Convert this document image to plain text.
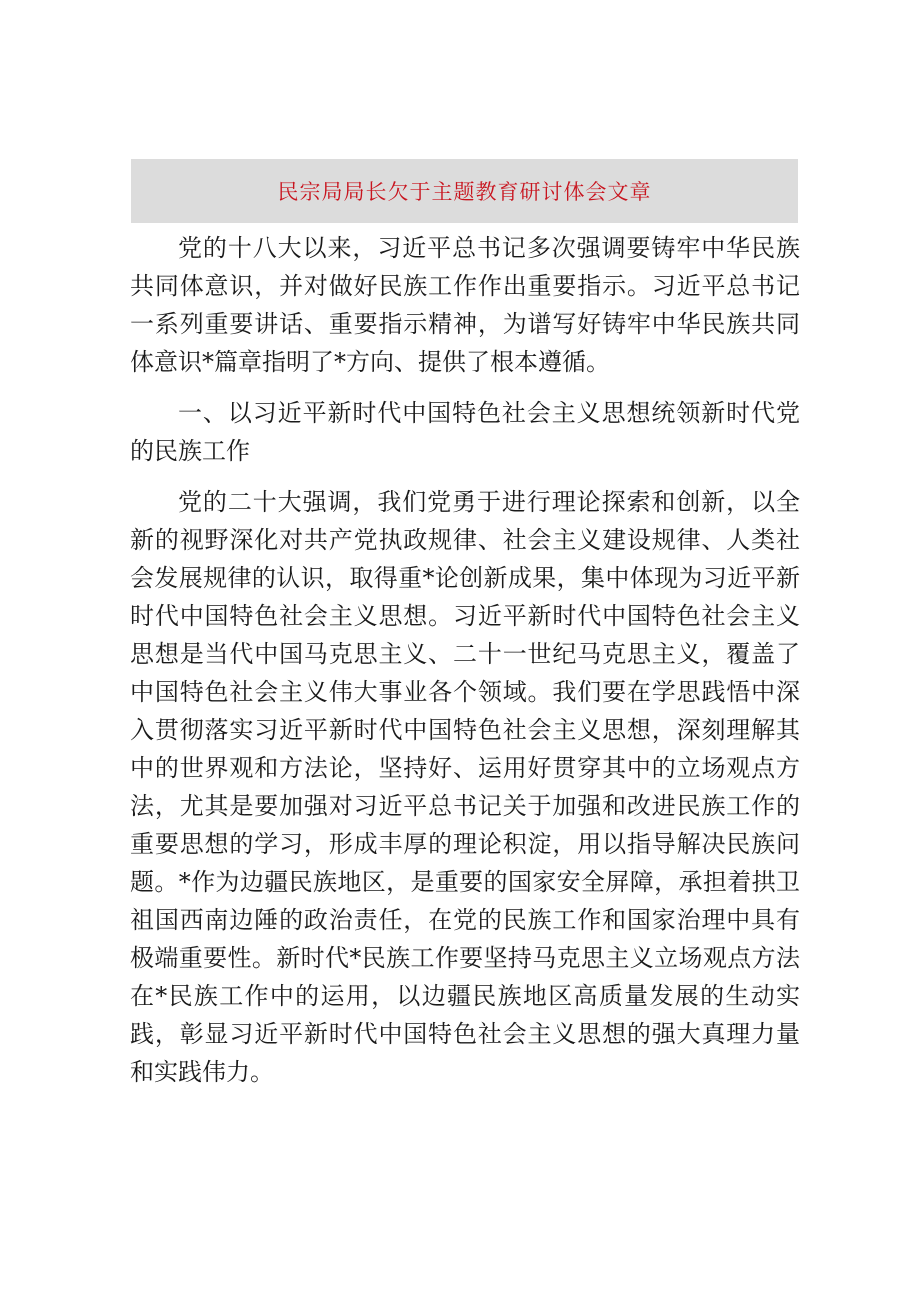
民宗局局长欠于主题教育研讨体会文章

党的十八大以来，习近平总书记多次强调要铸牢中华民族共同体意识，并对做好民族工作作出重要指示。习近平总书记一系列重要讲话、重要指示精神，为谱写好铸牢中华民族共同体意识*篇章指明了*方向、提供了根本遵循。

一、以习近平新时代中国特色社会主义思想统领新时代党的民族工作

党的二十大强调，我们党勇于进行理论探索和创新，以全新的视野深化对共产党执政规律、社会主义建设规律、人类社会发展规律的认识，取得重*论创新成果，集中体现为习近平新时代中国特色社会主义思想。习近平新时代中国特色社会主义思想是当代中国马克思主义、二十一世纪马克思主义，覆盖了中国特色社会主义伟大事业各个领域。我们要在学思践悟中深入贯彻落实习近平新时代中国特色社会主义思想，深刻理解其中的世界观和方法论，坚持好、运用好贯穿其中的立场观点方法，尤其是要加强对习近平总书记关于加强和改进民族工作的重要思想的学习，形成丰厚的理论积淀，用以指导解决民族问题。*作为边疆民族地区，是重要的国家安全屏障，承担着拱卫祖国西南边陲的政治责任，在党的民族工作和国家治理中具有极端重要性。新时代*民族工作要坚持马克思主义立场观点方法在*民族工作中的运用，以边疆民族地区高质量发展的生动实践，彰显习近平新时代中国特色社会主义思想的强大真理力量和实践伟力。
